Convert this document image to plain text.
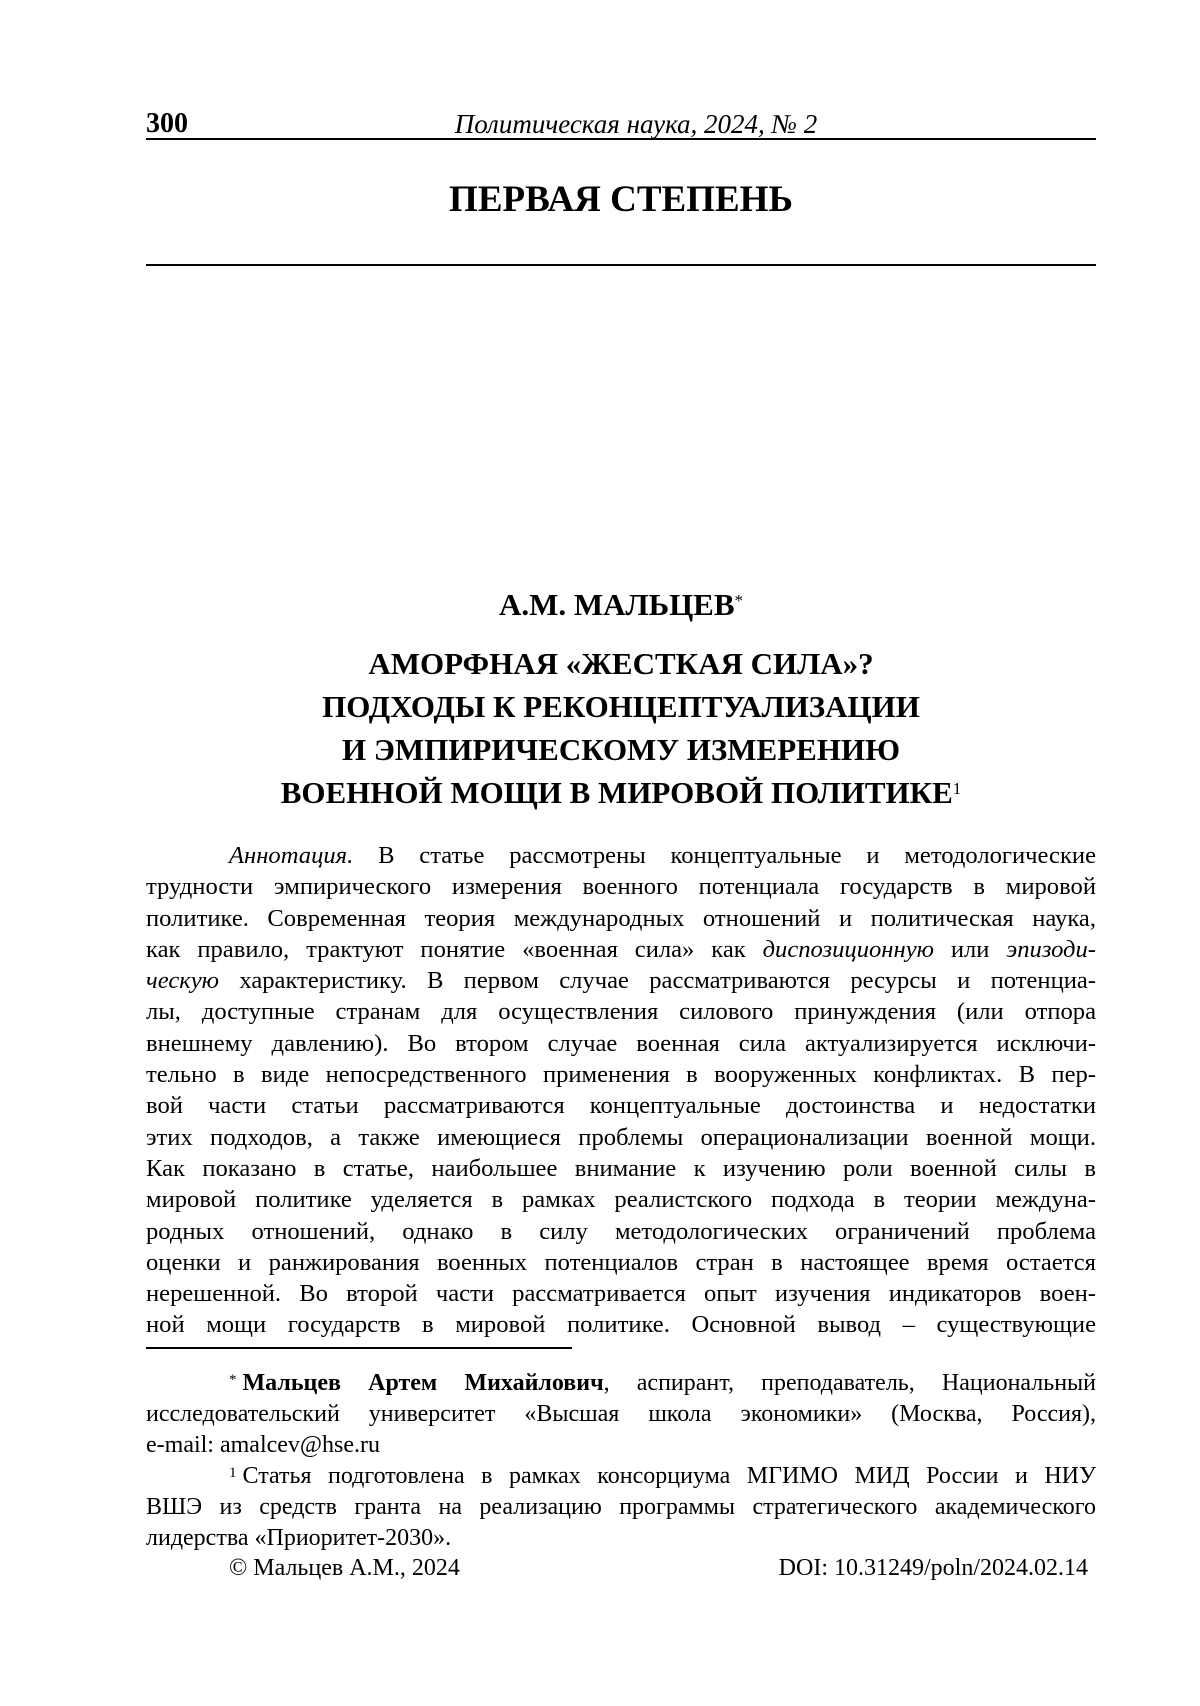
300	Политическая наука, 2024, № 2
ПЕРВАЯ СТЕПЕНЬ
А.М. МАЛЬЦЕВ*
АМОРФНАЯ «ЖЕСТКАЯ СИЛА»?
ПОДХОДЫ К РЕКОНЦЕПТУАЛИЗАЦИИ
И ЭМПИРИЧЕСКОМУ ИЗМЕРЕНИЮ
ВОЕННОЙ МОЩИ В МИРОВОЙ ПОЛИТИКЕ1
Аннотация. В статье рассмотрены концептуальные и методологические
трудности эмпирического измерения военного потенциала государств в мировой
политике. Современная теория международных отношений и политическая наука,
как правило, трактуют понятие «военная сила» как диспозиционную или эпизоди-
ческую характеристику. В первом случае рассматриваются ресурсы и потенциа-
лы, доступные странам для осуществления силового принуждения (или отпора
внешнему давлению). Во втором случае военная сила актуализируется исключи-
тельно в виде непосредственного применения в вооруженных конфликтах. В пер-
вой части статьи рассматриваются концептуальные достоинства и недостатки
этих подходов, а также имеющиеся проблемы операционализации военной мощи.
Как показано в статье, наибольшее внимание к изучению роли военной силы в
мировой политике уделяется в рамках реалистского подхода в теории междуна-
родных отношений, однако в силу методологических ограничений проблема
оценки и ранжирования военных потенциалов стран в настоящее время остается
нерешенной. Во второй части рассматривается опыт изучения индикаторов воен-
ной мощи государств в мировой политике. Основной вывод – существующие
* Мальцев Артем Михайлович, аспирант, преподаватель, Национальный
исследовательский университет «Высшая школа экономики» (Москва, Россия),
e-mail: amalcev@hse.ru
1 Статья подготовлена в рамках консорциума МГИМО МИД России и НИУ
ВШЭ из средств гранта на реализацию программы стратегического академического
лидерства «Приоритет-2030».
© Мальцев А.М., 2024	DOI: 10.31249/poln/2024.02.14
